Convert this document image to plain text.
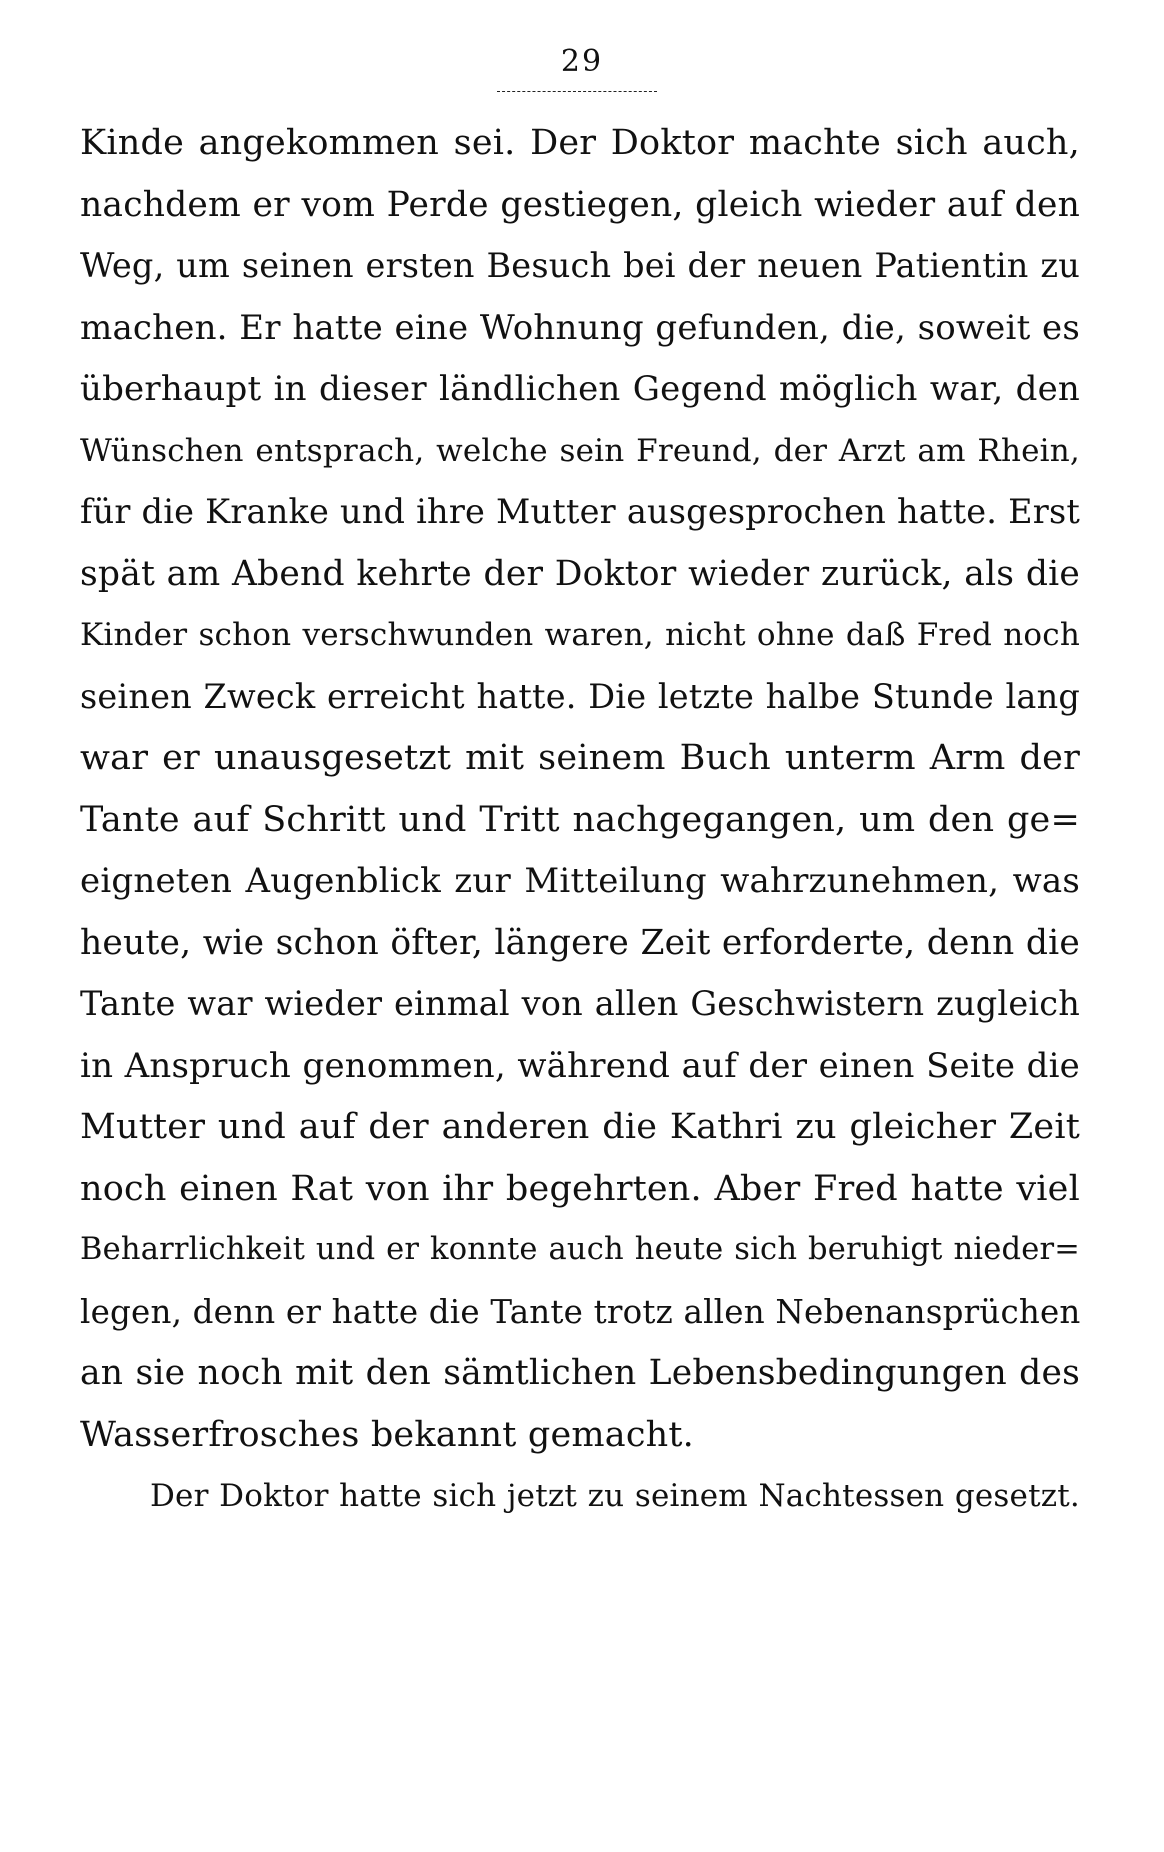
29
Kinde angekommen sei. Der Doktor machte sich auch,
nachdem er vom Perde gestiegen, gleich wieder auf den
Weg, um seinen ersten Besuch bei der neuen Patientin zu
machen. Er hatte eine Wohnung gefunden, die, soweit es
überhaupt in dieser ländlichen Gegend möglich war, den
Wünschen entsprach, welche sein Freund, der Arzt am Rhein,
für die Kranke und ihre Mutter ausgesprochen hatte. Erst
spät am Abend kehrte der Doktor wieder zurück, als die
Kinder schon verschwunden waren, nicht ohne daß Fred noch
seinen Zweck erreicht hatte. Die letzte halbe Stunde lang
war er unausgesetzt mit seinem Buch unterm Arm der
Tante auf Schritt und Tritt nachgegangen, um den ge=
eigneten Augenblick zur Mitteilung wahrzunehmen, was
heute, wie schon öfter, längere Zeit erforderte, denn die
Tante war wieder einmal von allen Geschwistern zugleich
in Anspruch genommen, während auf der einen Seite die
Mutter und auf der anderen die Kathri zu gleicher Zeit
noch einen Rat von ihr begehrten. Aber Fred hatte viel
Beharrlichkeit und er konnte auch heute sich beruhigt nieder=
legen, denn er hatte die Tante trotz allen Nebenansprüchen
an sie noch mit den sämtlichen Lebensbedingungen des
Wasserfrosches bekannt gemacht.
Der Doktor hatte sich jetzt zu seinem Nachtessen gesetzt.
